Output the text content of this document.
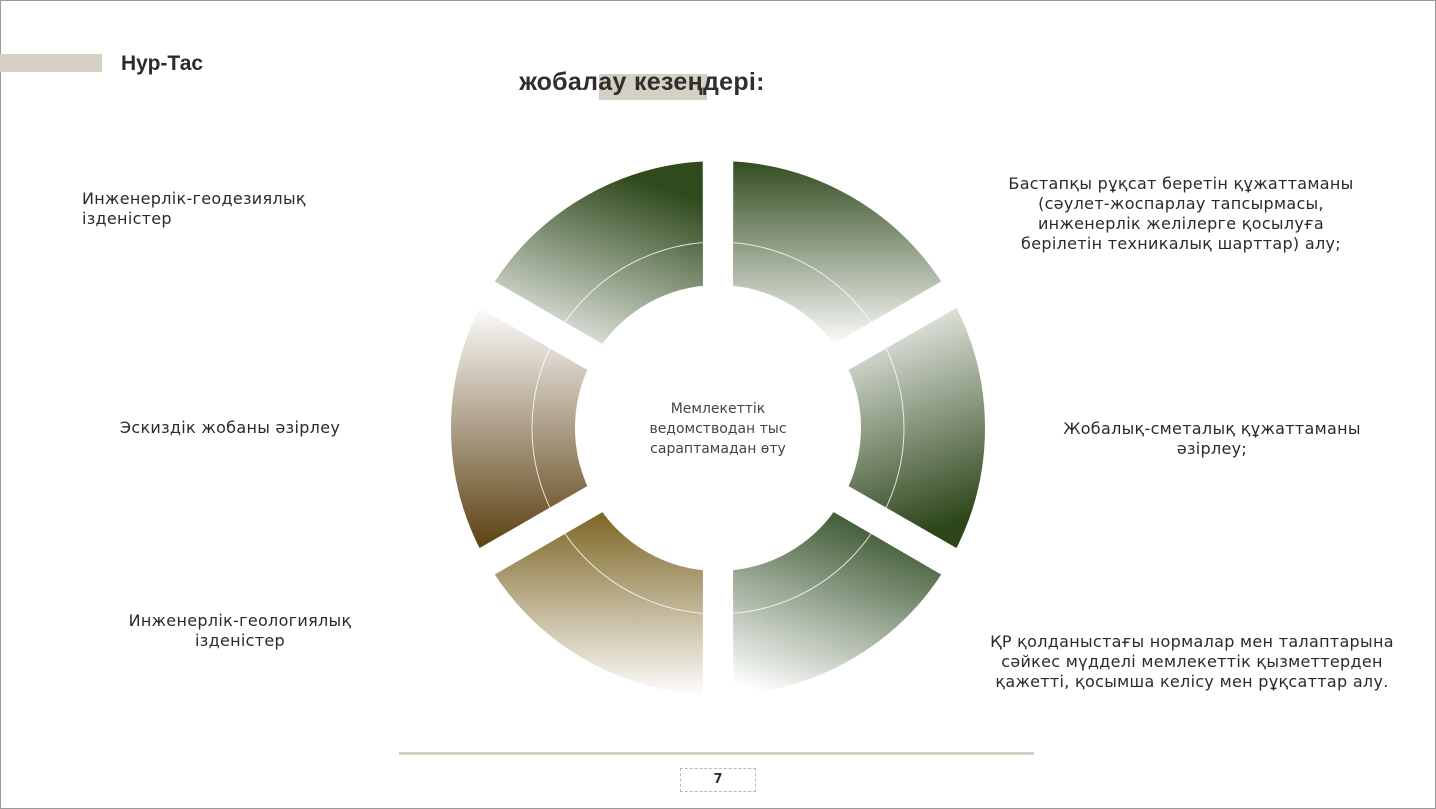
Нур-Тас
жобалау кезеңдері:
Мемлекеттік ведомстводан тыс сараптамадан өту
Инженерлік-геодезиялық ізденістер
Эскиздік жобаны әзірлеу
Инженерлік-геологиялық ізденістер
Бастапқы рұқсат беретін құжаттаманы (сәулет-жоспарлау тапсырмасы, инженерлік желілерге қосылуға берілетін техникалық шарттар) алу;
Жобалық-сметалық құжаттаманы әзірлеу;
ҚР қолданыстағы нормалар мен талаптарына сәйкес мүдделі мемлекеттік қызметтерден қажетті, қосымша келісу мен рұқсаттар алу.
7
